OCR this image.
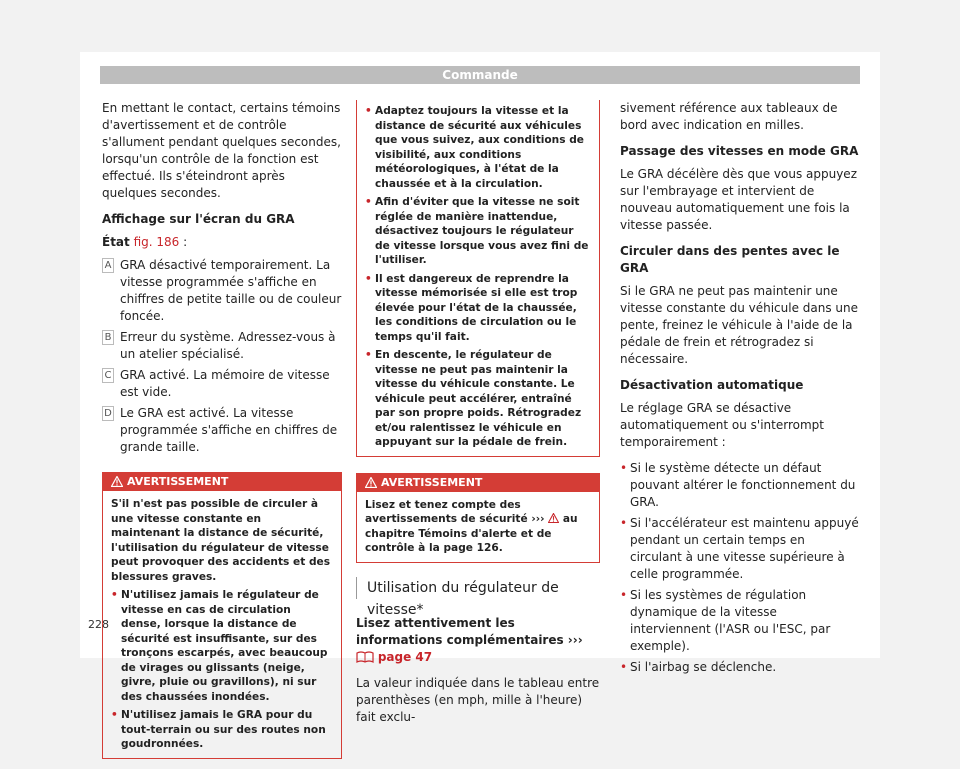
Commande

En mettant le contact, certains témoins d'avertissement et de contrôle s'allument pendant quelques secondes, lorsqu'un contrôle de la fonction est effectué. Ils s'éteindront après quelques secondes.

Affichage sur l'écran du GRA

État fig. 186 :

A GRA désactivé temporairement. La vitesse programmée s'affiche en chiffres de petite taille ou de couleur foncée.
B Erreur du système. Adressez-vous à un atelier spécialisé.
C GRA activé. La mémoire de vitesse est vide.
D Le GRA est activé. La vitesse programmée s'affiche en chiffres de grande taille.
AVERTISSEMENT
S'il n'est pas possible de circuler à une vitesse constante en maintenant la distance de sécurité, l'utilisation du régulateur de vitesse peut provoquer des accidents et des blessures graves.
• N'utilisez jamais le régulateur de vitesse en cas de circulation dense, lorsque la distance de sécurité est insuffisante, sur des tronçons escarpés, avec beaucoup de virages ou glissants (neige, givre, pluie ou gravillons), ni sur des chaussées inondées.
• N'utilisez jamais le GRA pour du tout-terrain ou sur des routes non goudronnées.
• Adaptez toujours la vitesse et la distance de sécurité aux véhicules que vous suivez, aux conditions de visibilité, aux conditions météorologiques, à l'état de la chaussée et à la circulation.
• Afin d'éviter que la vitesse ne soit réglée de manière inattendue, désactivez toujours le régulateur de vitesse lorsque vous avez fini de l'utiliser.
• Il est dangereux de reprendre la vitesse mémorisée si elle est trop élevée pour l'état de la chaussée, les conditions de circulation ou le temps qu'il fait.
• En descente, le régulateur de vitesse ne peut pas maintenir la vitesse du véhicule constante. Le véhicule peut accélérer, entraîné par son propre poids. Rétrogradez et/ou ralentissez le véhicule en appuyant sur la pédale de frein.
AVERTISSEMENT
Lisez et tenez compte des avertissements de sécurité ››› au chapitre Témoins d'alerte et de contrôle à la page 126.
Utilisation du régulateur de vitesse*

Lisez attentivement les informations complémentaires ›››  page 47

La valeur indiquée dans le tableau entre parenthèses (en mph, mille à l'heure) fait exclu-

sivement référence aux tableaux de bord avec indication en milles.

Passage des vitesses en mode GRA

Le GRA décélère dès que vous appuyez sur l'embrayage et intervient de nouveau automatiquement une fois la vitesse passée.

Circuler dans des pentes avec le GRA

Si le GRA ne peut pas maintenir une vitesse constante du véhicule dans une pente, freinez le véhicule à l'aide de la pédale de frein et rétrogradez si nécessaire.

Désactivation automatique

Le réglage GRA se désactive automatiquement ou s'interrompt temporairement :

• Si le système détecte un défaut pouvant altérer le fonctionnement du GRA.
• Si l'accélérateur est maintenu appuyé pendant un certain temps en circulant à une vitesse supérieure à celle programmée.
• Si les systèmes de régulation dynamique de la vitesse interviennent (l'ASR ou l'ESC, par exemple).
• Si l'airbag se déclenche.
228
